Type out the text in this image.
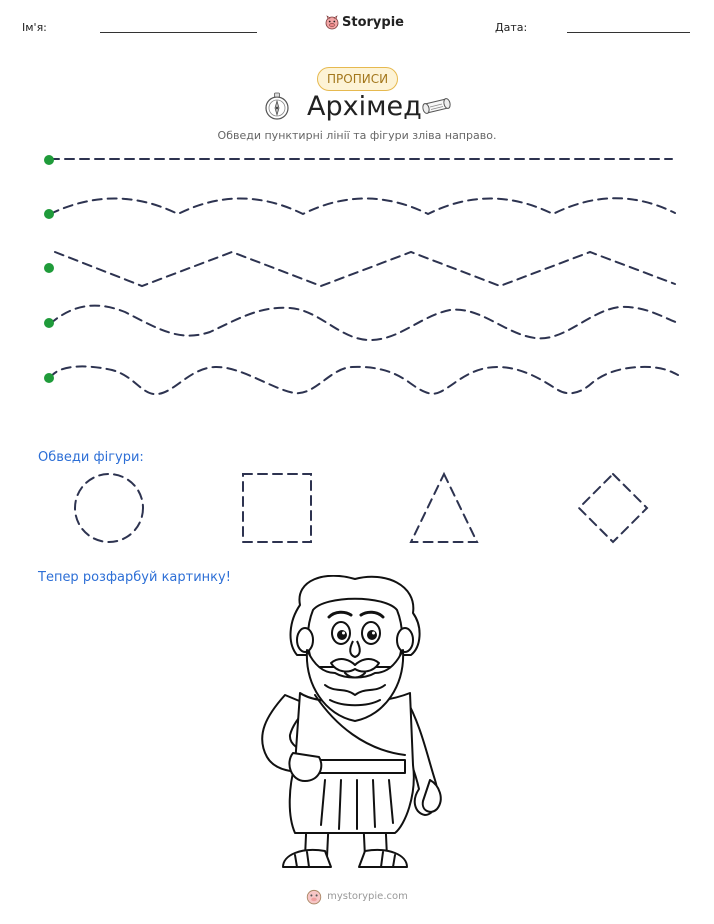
Ім'я:	Storypie	Дата:
ПРОПИСИ
Архімед
Обведи пунктирні лінії та фігури зліва направо.
Обведи фігури:
Тепер розфарбуй картинку!
mystorypie.com
